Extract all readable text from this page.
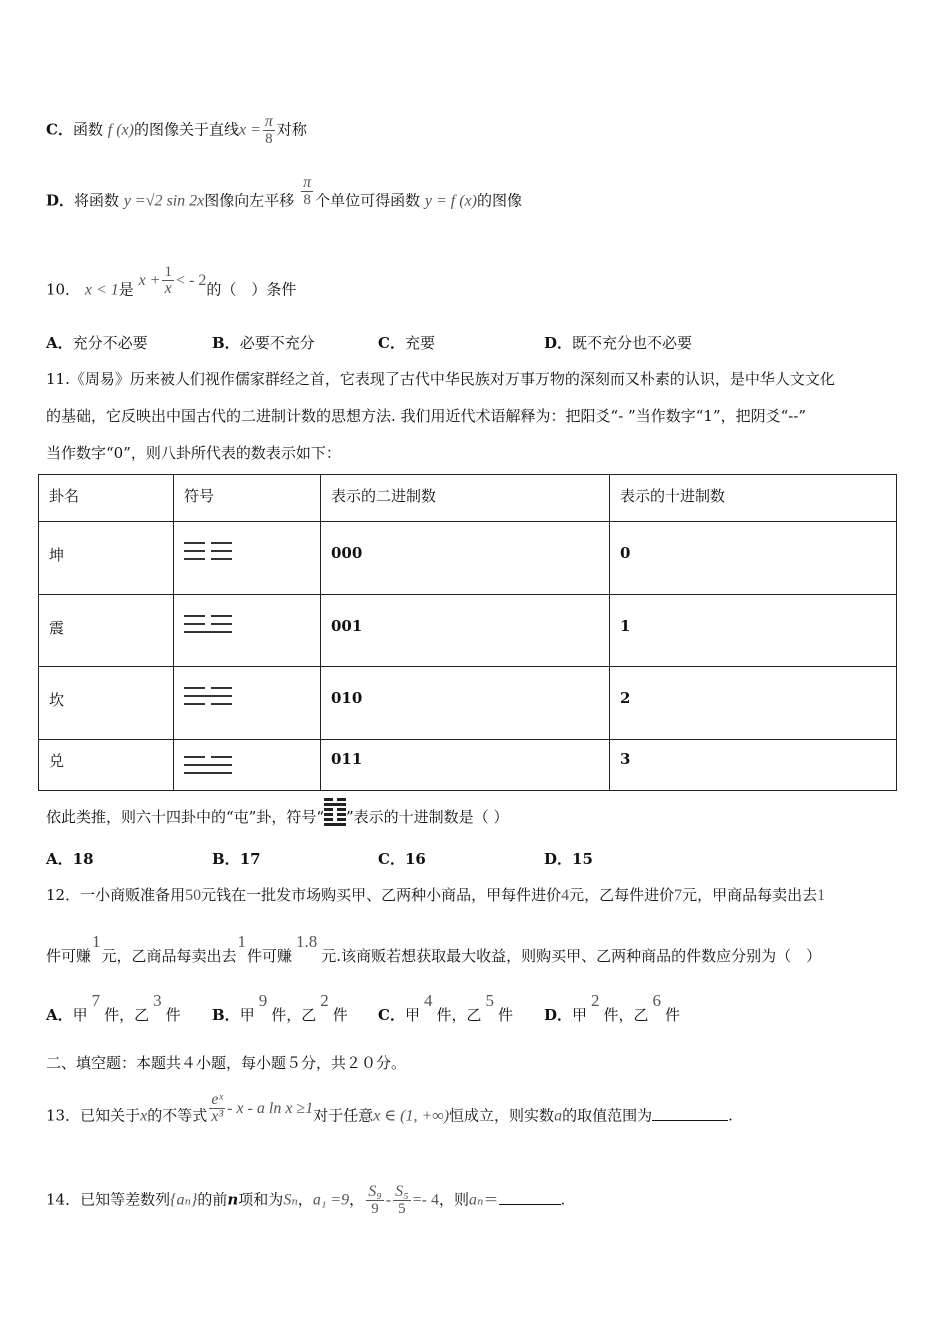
C．函数 f (x)的图像关于直线$x = \frac{\pi}{8}$ 对称
D．将函数 y =√2 sin 2x图像向左平移 $\frac{\pi}{8}$ 个单位可得函数 y = f (x)的图像
10． x < 1是 $x + \frac{1}{x}$ < - 2的（　）条件
A．充分不必要	B．必要不充分	C．充要	D．既不充分也不必要
11.《周易》历来被人们视作儒家群经之首，它表现了古代中华民族对万事万物的深刻而又朴素的认识，是中华人文文化
的基础，它反映出中国古代的二进制计数的思想方法. 我们用近代术语解释为：把阳爻“- ”当作数字“1”，把阴爻“--”
当作数字“0”，则八卦所代表的数表示如下：
卦名	符号	表示的二进制数	表示的十进制数
坤		000	0
震		001	1
坎		010	2
兑		011	3
依此类推，则六十四卦中的“屯”卦，符号“ ”表示的十进制数是（ ）
A．18	B．17	C．16	D．15
12．一小商贩准备用50元钱在一批发市场购买甲、乙两种小商品，甲每件进价4元，乙每件进价7元，甲商品每卖出去1
件可赚1元，乙商品每卖出去1件可赚1.8元.该商贩若想获取最大收益，则购买甲、乙两种商品的件数应分别为（　）
A．甲7件，乙3件 B．甲9件，乙2件 C．甲4件，乙5件 D．甲2件，乙6件
二、填空题：本题共４小题，每小题５分，共２０分。
13．已知关于x的不等式 $\frac{\text{eˣ}}{\text{x³}}$ - x - a ln x ≥1对于任意x ∈ (1, +∞)恒成立，则实数a的取值范围为	.
14．已知等差数列{aₙ}的前n项和为Sₙ，a₁ =9， $\frac{\text{S₉}}{9} - \frac{\text{S₅}}{5} =- 4$，则aₙ＝	.
